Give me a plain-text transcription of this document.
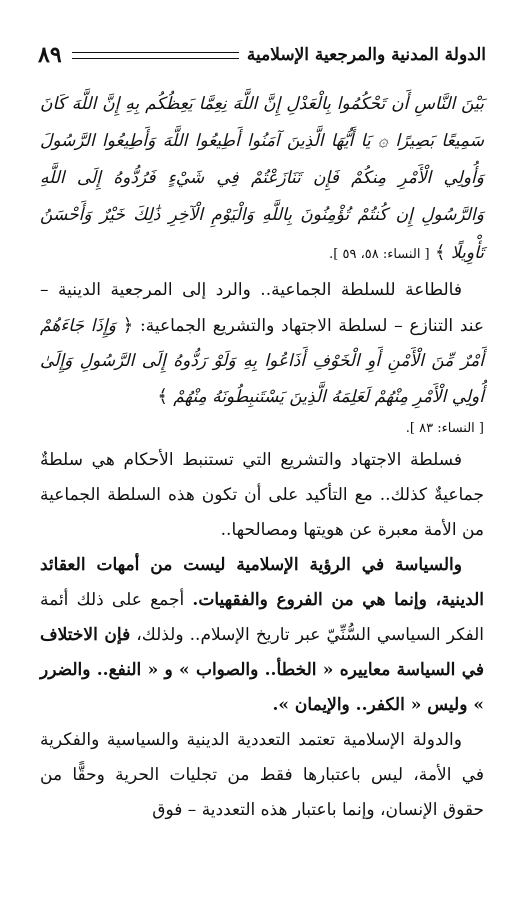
الدولة المدنية والمرجعية الإسلامية
٨٩

بَيْنَ النَّاسِ أَن تَحْكُمُوا بِالْعَدْلِ إِنَّ اللَّهَ نِعِمَّا يَعِظُكُم بِهِ إِنَّ اللَّهَ كَانَ سَمِيعًا بَصِيرًا ۞ يَا أَيُّهَا الَّذِينَ آمَنُوا أَطِيعُوا اللَّهَ وَأَطِيعُوا الرَّسُولَ وَأُولِي الْأَمْرِ مِنكُمْ فَإِن تَنَازَعْتُمْ فِي شَيْءٍ فَرُدُّوهُ إِلَى اللَّهِ وَالرَّسُولِ إِن كُنتُمْ تُؤْمِنُونَ بِاللَّهِ وَالْيَوْمِ الْآخِرِ ذَٰلِكَ خَيْرٌ وَأَحْسَنُ تَأْوِيلًا ﴾ [ النساء: ٥٨، ٥٩ ].

فالطاعة للسلطة الجماعية.. والرد إلى المرجعية الدينية – عند التنازع – لسلطة الاجتهاد والتشريع الجماعية: ﴿ وَإِذَا جَاءَهُمْ أَمْرٌ مِّنَ الْأَمْنِ أَوِ الْخَوْفِ أَذَاعُوا بِهِ وَلَوْ رَدُّوهُ إِلَى الرَّسُولِ وَإِلَىٰ أُولِي الْأَمْرِ مِنْهُمْ لَعَلِمَهُ الَّذِينَ يَسْتَنبِطُونَهُ مِنْهُمْ ﴾

[ النساء: ٨٣ ].

فسلطة الاجتهاد والتشريع التي تستنبط الأحكام هي سلطةٌ جماعيةٌ كذلك.. مع التأكيد على أن تكون هذه السلطة الجماعية من الأمة معبرة عن هويتها ومصالحها..

والسياسة في الرؤية الإسلامية ليست من أمهات العقائد الدينية، وإنما هي من الفروع والفقهيات. أجمع على ذلك أئمة الفكر السياسي السُّنِّيّ عبر تاريخ الإسلام.. ولذلك، فإن الاختلاف في السياسة معاييره « الخطأ.. والصواب » و « النفع.. والضرر » وليس « الكفر.. والإيمان ».

والدولة الإسلامية تعتمد التعددية الدينية والسياسية والفكرية في الأمة، ليس باعتبارها فقط من تجليات الحرية وحقًّا من حقوق الإنسان، وإنما باعتبار هذه التعددية – فوق
